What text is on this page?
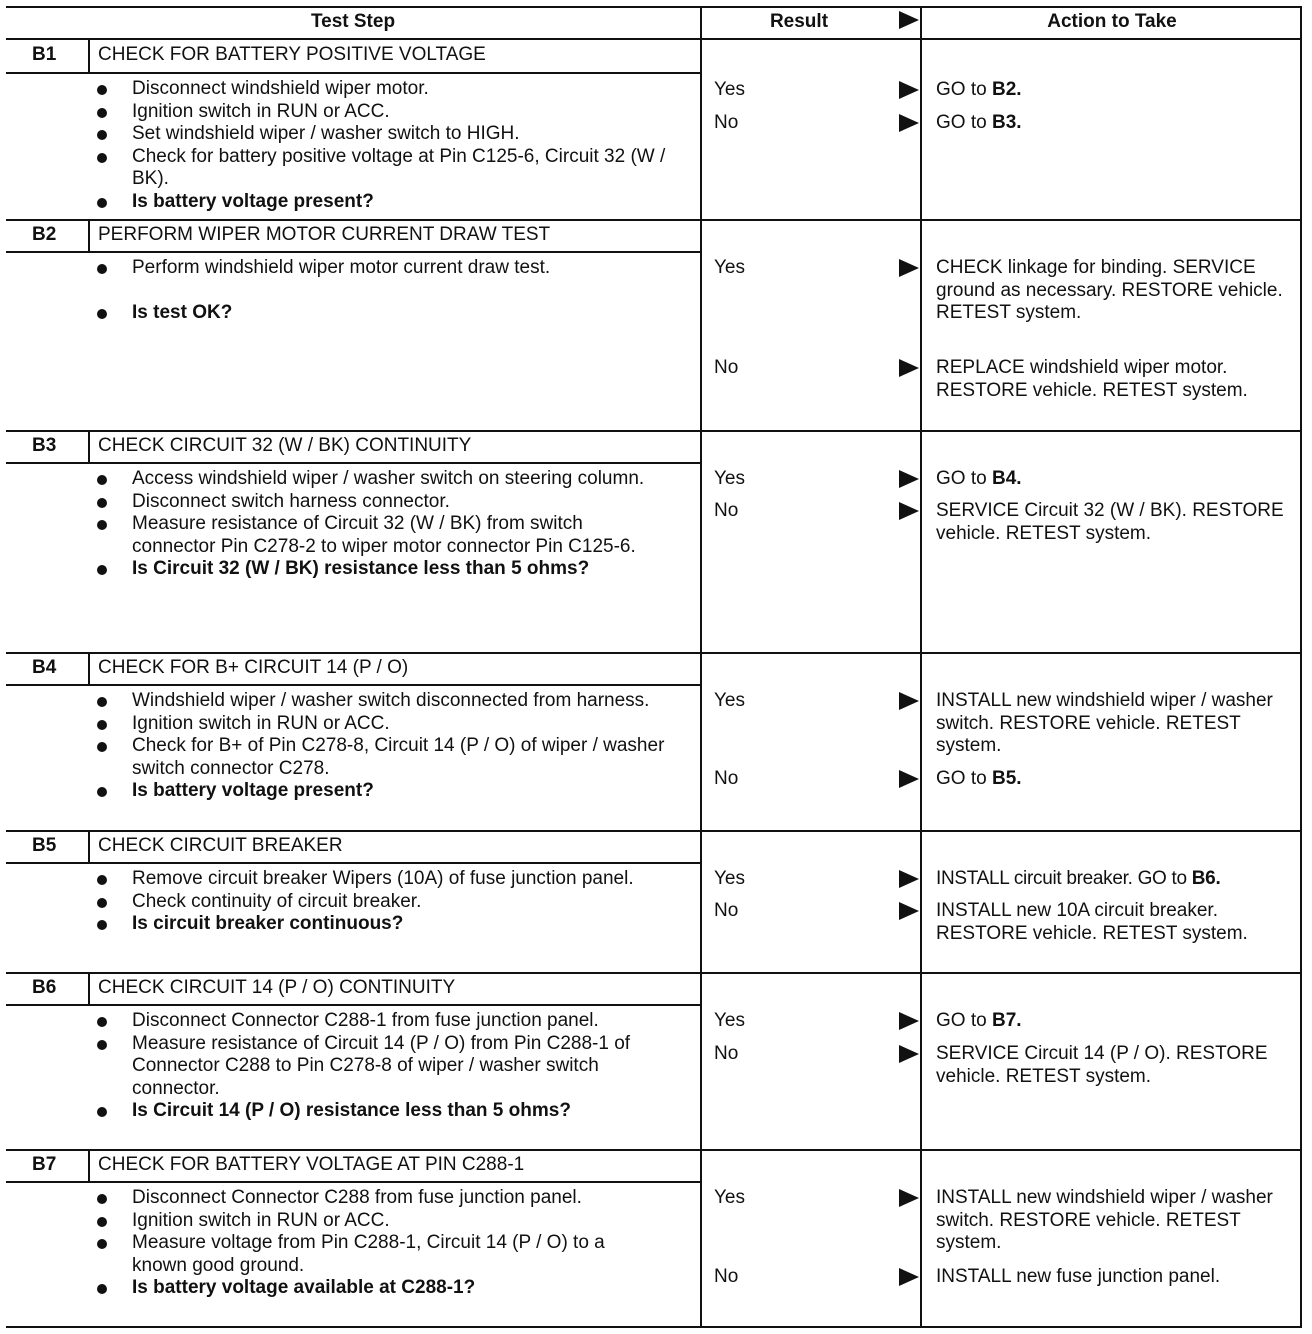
Test Step	Result	Action to Take
B1 CHECK FOR BATTERY POSITIVE VOLTAGE
Disconnect windshield wiper motor.
Ignition switch in RUN or ACC.
Set windshield wiper / washer switch to HIGH.
Check for battery positive voltage at Pin C125-6, Circuit 32 (W / BK).
Is battery voltage present?
Yes	GO to B2.
No	GO to B3.
B2 PERFORM WIPER MOTOR CURRENT DRAW TEST
Perform windshield wiper motor current draw test.
Is test OK?
Yes	CHECK linkage for binding. SERVICE ground as necessary. RESTORE vehicle. RETEST system.
No	REPLACE windshield wiper motor. RESTORE vehicle. RETEST system.
B3 CHECK CIRCUIT 32 (W / BK) CONTINUITY
Access windshield wiper / washer switch on steering column.
Disconnect switch harness connector.
Measure resistance of Circuit 32 (W / BK) from switch connector Pin C278-2 to wiper motor connector Pin C125-6.
Is Circuit 32 (W / BK) resistance less than 5 ohms?
Yes	GO to B4.
No	SERVICE Circuit 32 (W / BK). RESTORE vehicle. RETEST system.
B4 CHECK FOR B+ CIRCUIT 14 (P / O)
Windshield wiper / washer switch disconnected from harness.
Ignition switch in RUN or ACC.
Check for B+ of Pin C278-8, Circuit 14 (P / O) of wiper / washer switch connector C278.
Is battery voltage present?
Yes	INSTALL new windshield wiper / washer switch. RESTORE vehicle. RETEST system.
No	GO to B5.
B5 CHECK CIRCUIT BREAKER
Remove circuit breaker Wipers (10A) of fuse junction panel.
Check continuity of circuit breaker.
Is circuit breaker continuous?
Yes	INSTALL circuit breaker. GO to B6.
No	INSTALL new 10A circuit breaker. RESTORE vehicle. RETEST system.
B6 CHECK CIRCUIT 14 (P / O) CONTINUITY
Disconnect Connector C288-1 from fuse junction panel.
Measure resistance of Circuit 14 (P / O) from Pin C288-1 of Connector C288 to Pin C278-8 of wiper / washer switch connector.
Is Circuit 14 (P / O) resistance less than 5 ohms?
Yes	GO to B7.
No	SERVICE Circuit 14 (P / O). RESTORE vehicle. RETEST system.
B7 CHECK FOR BATTERY VOLTAGE AT PIN C288-1
Disconnect Connector C288 from fuse junction panel.
Ignition switch in RUN or ACC.
Measure voltage from Pin C288-1, Circuit 14 (P / O) to a known good ground.
Is battery voltage available at C288-1?
Yes	INSTALL new windshield wiper / washer switch. RESTORE vehicle. RETEST system.
No	INSTALL new fuse junction panel.
